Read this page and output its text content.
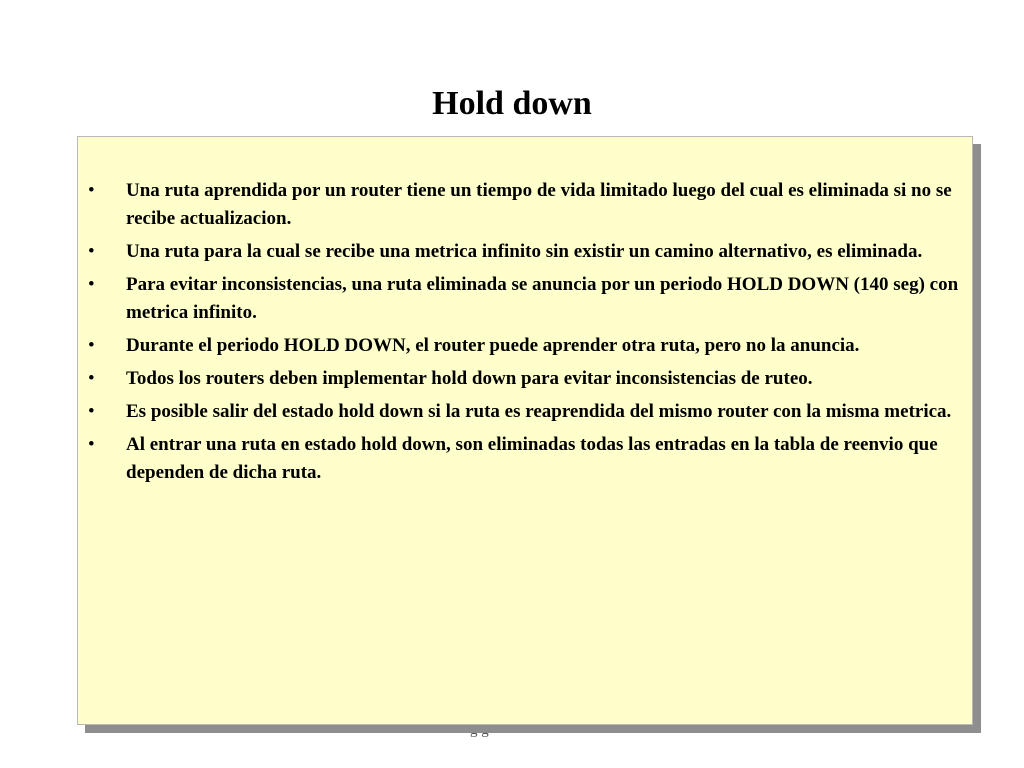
Hold down
•	Una ruta aprendida por un router tiene un tiempo de vida limitado luego del cual es eliminada si no se recibe actualizacion.
•	Una ruta para la cual se recibe una metrica infinito sin existir un camino alternativo, es eliminada.
•	Para evitar inconsistencias, una ruta eliminada se anuncia por un periodo HOLD DOWN (140 seg) con metrica infinito.
•	Durante el periodo HOLD DOWN, el router puede aprender otra ruta, pero no la anuncia.
•	Todos los routers deben implementar hold down para evitar inconsistencias de ruteo.
•	Es posible salir del estado hold down si la ruta es reaprendida del mismo router con la misma metrica.
•	Al entrar una ruta en estado hold down, son eliminadas todas las entradas en la tabla de reenvio que dependen de dicha ruta.
